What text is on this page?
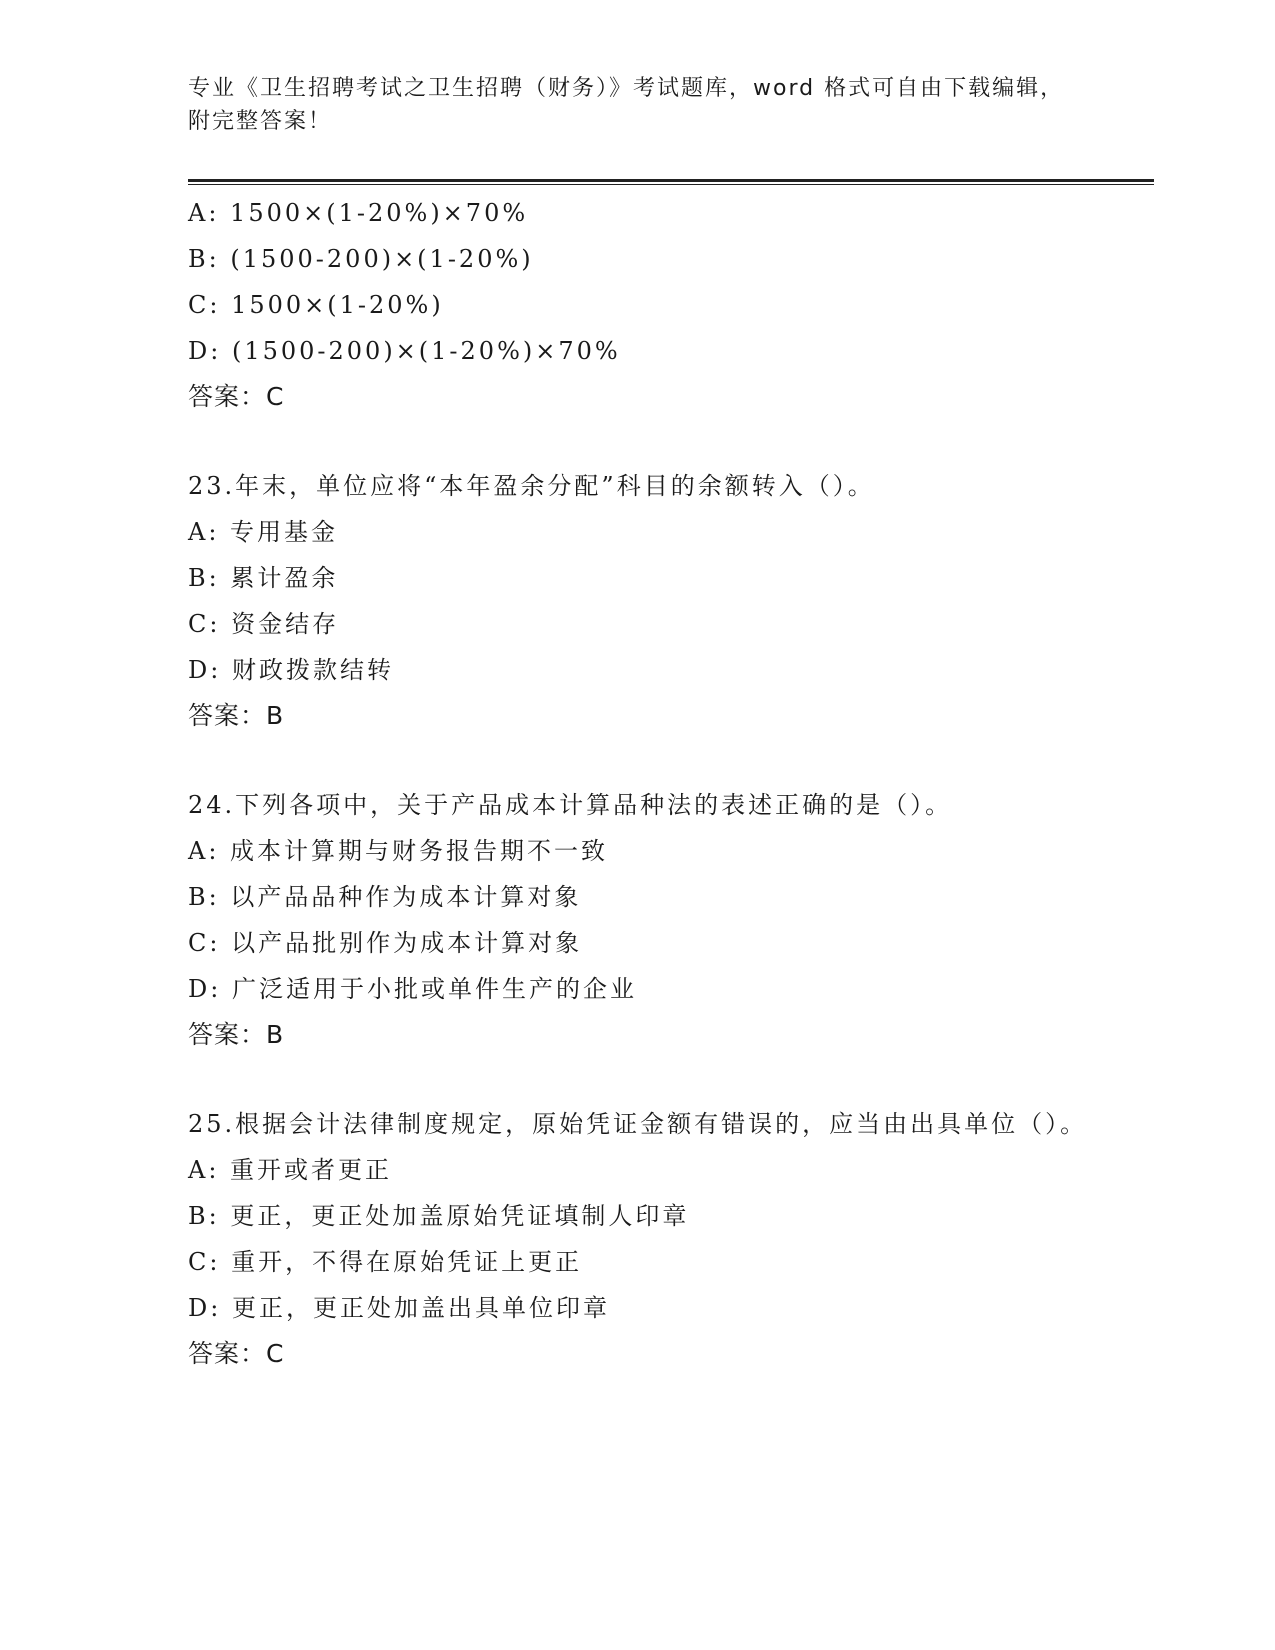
专业《卫生招聘考试之卫生招聘（财务）》考试题库，word 格式可自由下载编辑，附完整答案！
A: 1500×(1-20%)×70%
B: (1500-200)×(1-20%)
C: 1500×(1-20%)
D: (1500-200)×(1-20%)×70%
答案：C
23.年末，单位应将“本年盈余分配”科目的余额转入（）。
A: 专用基金
B: 累计盈余
C: 资金结存
D: 财政拨款结转
答案：B
24.下列各项中，关于产品成本计算品种法的表述正确的是（）。
A: 成本计算期与财务报告期不一致
B: 以产品品种作为成本计算对象
C: 以产品批别作为成本计算对象
D: 广泛适用于小批或单件生产的企业
答案：B
25.根据会计法律制度规定，原始凭证金额有错误的，应当由出具单位（）。
A: 重开或者更正
B: 更正，更正处加盖原始凭证填制人印章
C: 重开，不得在原始凭证上更正
D: 更正，更正处加盖出具单位印章
答案：C
